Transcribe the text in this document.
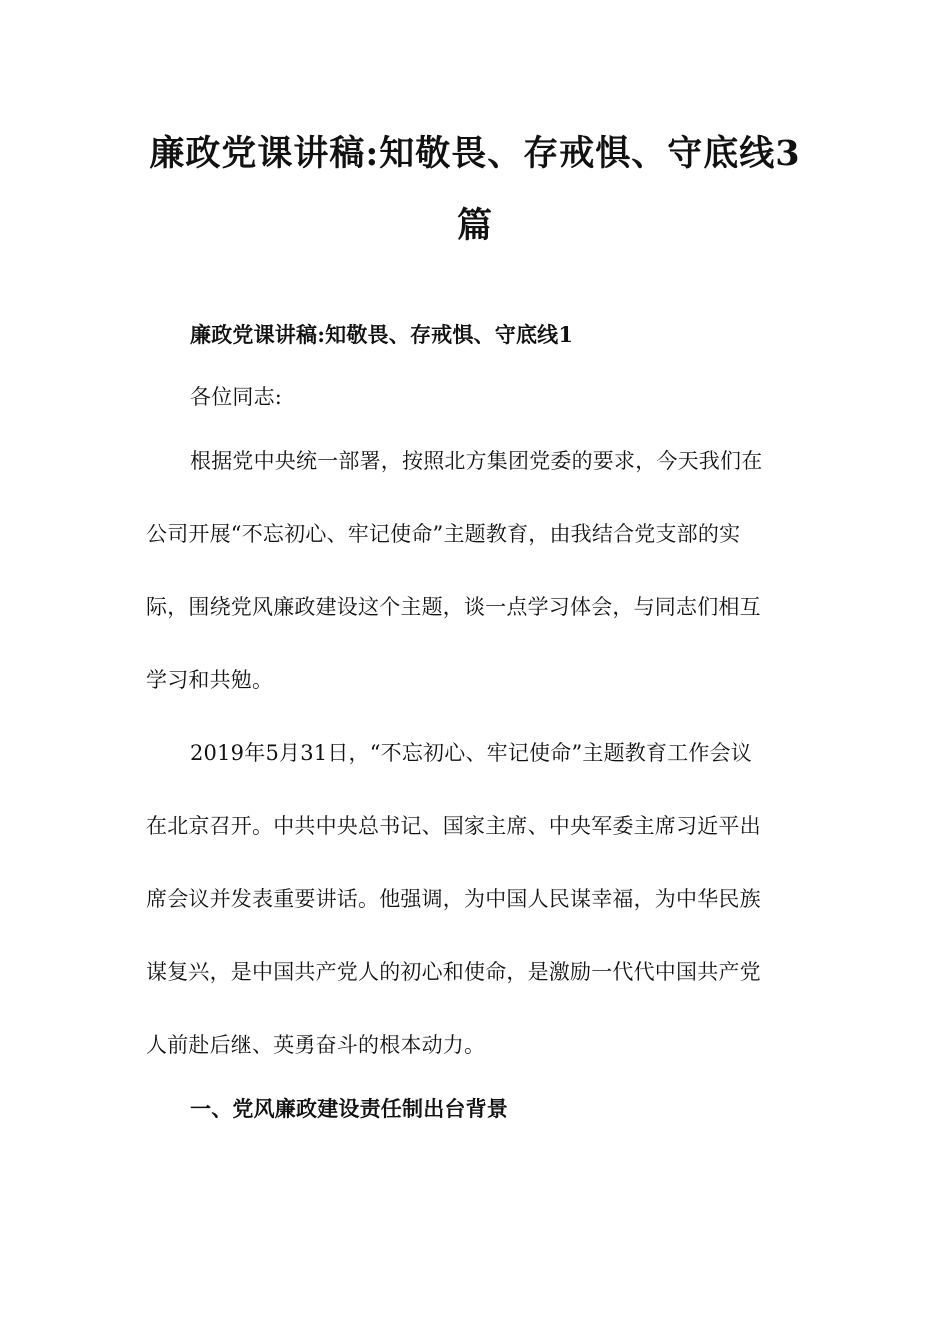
廉政党课讲稿:知敬畏、存戒惧、守底线3
篇
廉政党课讲稿:知敬畏、存戒惧、守底线1
各位同志:
根据党中央统一部署，按照北方集团党委的要求，今天我们在
公司开展“不忘初心、牢记使命”主题教育，由我结合党支部的实
际，围绕党风廉政建设这个主题，谈一点学习体会，与同志们相互
学习和共勉。
2019年5月31日，“不忘初心、牢记使命”主题教育工作会议
在北京召开。中共中央总书记、国家主席、中央军委主席习近平出
席会议并发表重要讲话。他强调，为中国人民谋幸福，为中华民族
谋复兴，是中国共产党人的初心和使命，是激励一代代中国共产党
人前赴后继、英勇奋斗的根本动力。
一、党风廉政建设责任制出台背景
